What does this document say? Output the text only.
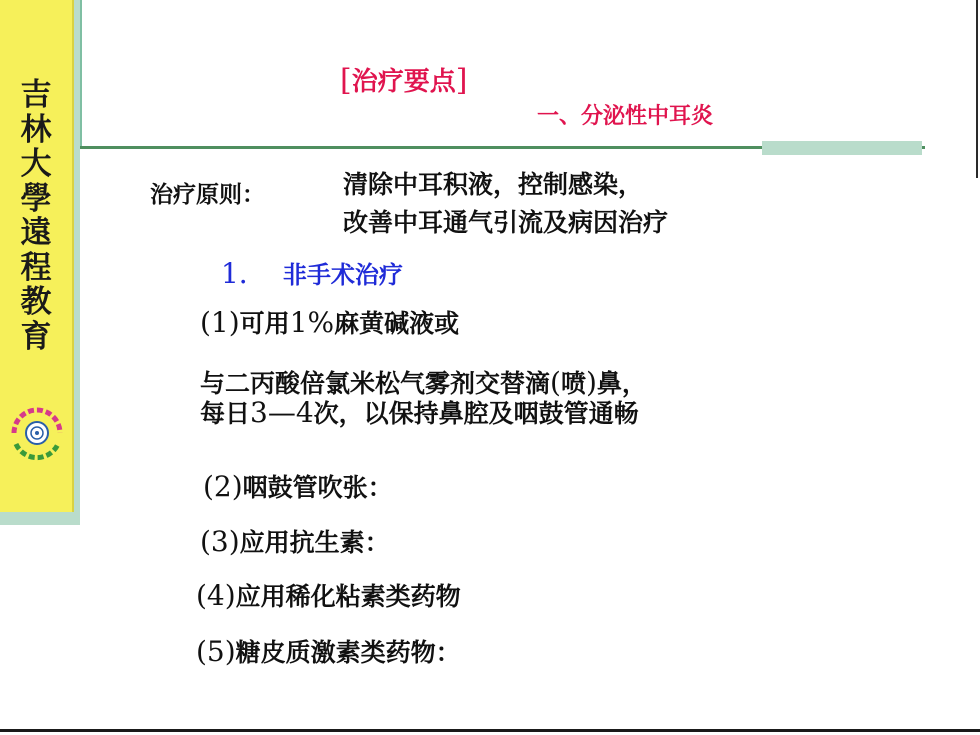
吉
林
大
學
遠
程
教
育
[治疗要点]
一、分泌性中耳炎
治疗原则：	清除中耳积液，控制感染，
改善中耳通气引流及病因治疗
1． 非手术治疗
(1)可用1%麻黄碱液或
与二丙酸倍氯米松气雾剂交替滴(喷)鼻，
每日3—4次，以保持鼻腔及咽鼓管通畅
(2)咽鼓管吹张：
(3)应用抗生素：
(4)应用稀化粘素类药物
(5)糖皮质激素类药物：
